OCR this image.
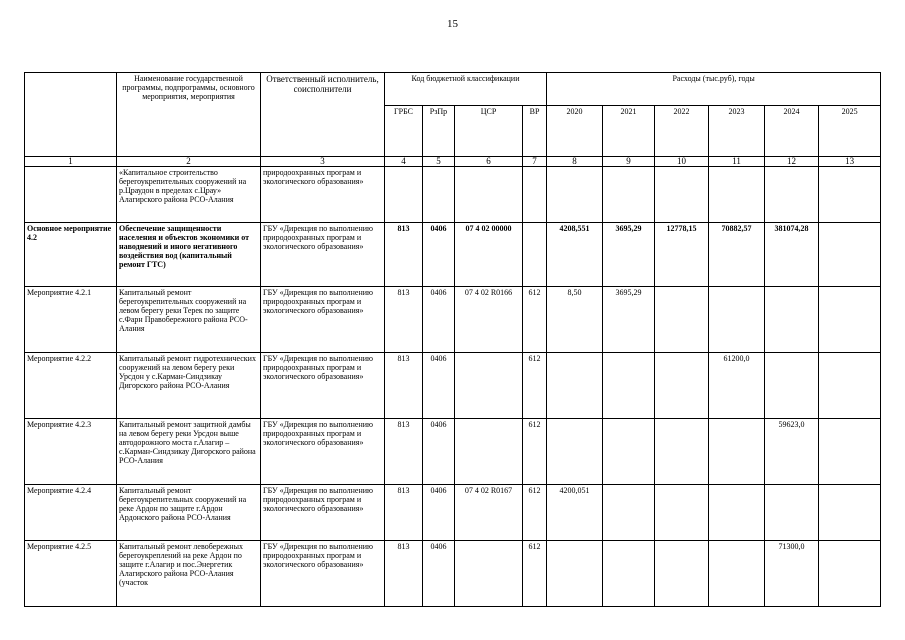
15
	Наименование государственной программы, подпрограммы, основного мероприятия, мероприятия	Ответственный исполнитель, соисполнители	Код бюджетной классификации				Расходы (тыс.руб), годы					
			ГРБС	РзПр	ЦСР	ВР	2020	2021	2022	2023	2024	2025
1	2	3	4	5	6	7	8	9	10	11	12	13
	«Капитальное строительство берегоукрепительных сооружений на р.Цраудон в пределах с.Црау» Алагирского района РСО-Алания	природоохранных програм и экологического образования»										
Основное мероприятие 4.2	Обеспечение защищенности населения и объектов экономики от наводнений и иного негативного воздействия вод (капитальный ремонт ГТС)	ГБУ «Дирекция по выполнению природоохранных програм и экологического образования»	813	0406	07 4 02 00000		4208,551	3695,29	12778,15	70882,57	381074,28	
Мероприятие 4.2.1	Капитальный ремонт берегоукрепительных сооружений на левом берегу реки Терек по защите с.Фарн Правобережного района РСО-Алания	ГБУ «Дирекция по выполнению природоохранных програм и экологического образования»	813	0406	07 4 02 R0166	612	8,50	3695,29				
Мероприятие 4.2.2	Капитальный ремонт гидротехнических сооружений на левом берегу реки Урсдон у с.Карман-Синдзикау Дигорского района РСО-Алания	ГБУ «Дирекция по выполнению природоохранных програм и экологического образования»	813	0406		612				61200,0		
Мероприятие 4.2.3	Капитальный ремонт защитной дамбы на левом берегу реки Урсдон выше автодорожного моста г.Алагир –с.Карман-Синдзикау Дигорского района РСО-Алания	ГБУ «Дирекция по выполнению природоохранных програм и экологического образования»	813	0406		612					59623,0	
Мероприятие 4.2.4	Капитальный ремонт берегоукрепительных сооружений на реке Ардон по защите г.Ардон Ардонского района РСО-Алания	ГБУ «Дирекция по выполнению природоохранных програм и экологического образования»	813	0406	07 4 02 R0167	612	4200,051					
Мероприятие 4.2.5	Капитальный ремонт левобережных берегоукреплений на реке Ардон по защите г.Алагир и пос.Энергетик Алагирского района РСО-Алания (участок	ГБУ «Дирекция по выполнению природоохранных програм и экологического образования»	813	0406		612					71300,0	
